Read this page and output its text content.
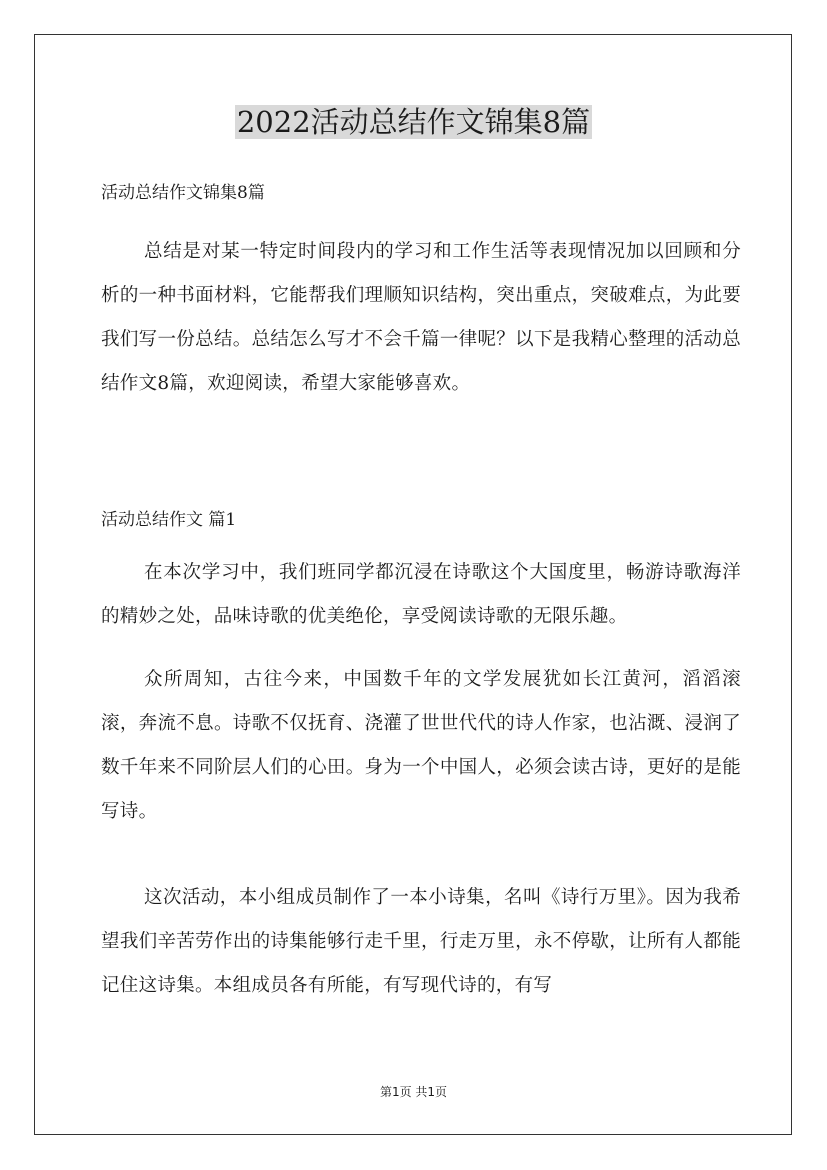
2022活动总结作文锦集8篇
活动总结作文锦集8篇

总结是对某一特定时间段内的学习和工作生活等表现情况加以回顾和分析的一种书面材料，它能帮我们理顺知识结构，突出重点，突破难点，为此要我们写一份总结。总结怎么写才不会千篇一律呢？以下是我精心整理的活动总结作文8篇，欢迎阅读，希望大家能够喜欢。

活动总结作文 篇1

在本次学习中，我们班同学都沉浸在诗歌这个大国度里，畅游诗歌海洋的精妙之处，品味诗歌的优美绝伦，享受阅读诗歌的无限乐趣。

众所周知，古往今来，中国数千年的文学发展犹如长江黄河，滔滔滚滚，奔流不息。诗歌不仅抚育、浇灌了世世代代的诗人作家，也沾溉、浸润了数千年来不同阶层人们的心田。身为一个中国人，必须会读古诗，更好的是能写诗。

这次活动，本小组成员制作了一本小诗集，名叫《诗行万里》。因为我希望我们辛苦劳作出的诗集能够行走千里，行走万里，永不停歇，让所有人都能记住这诗集。本组成员各有所能，有写现代诗的，有写

第1页 共1页
